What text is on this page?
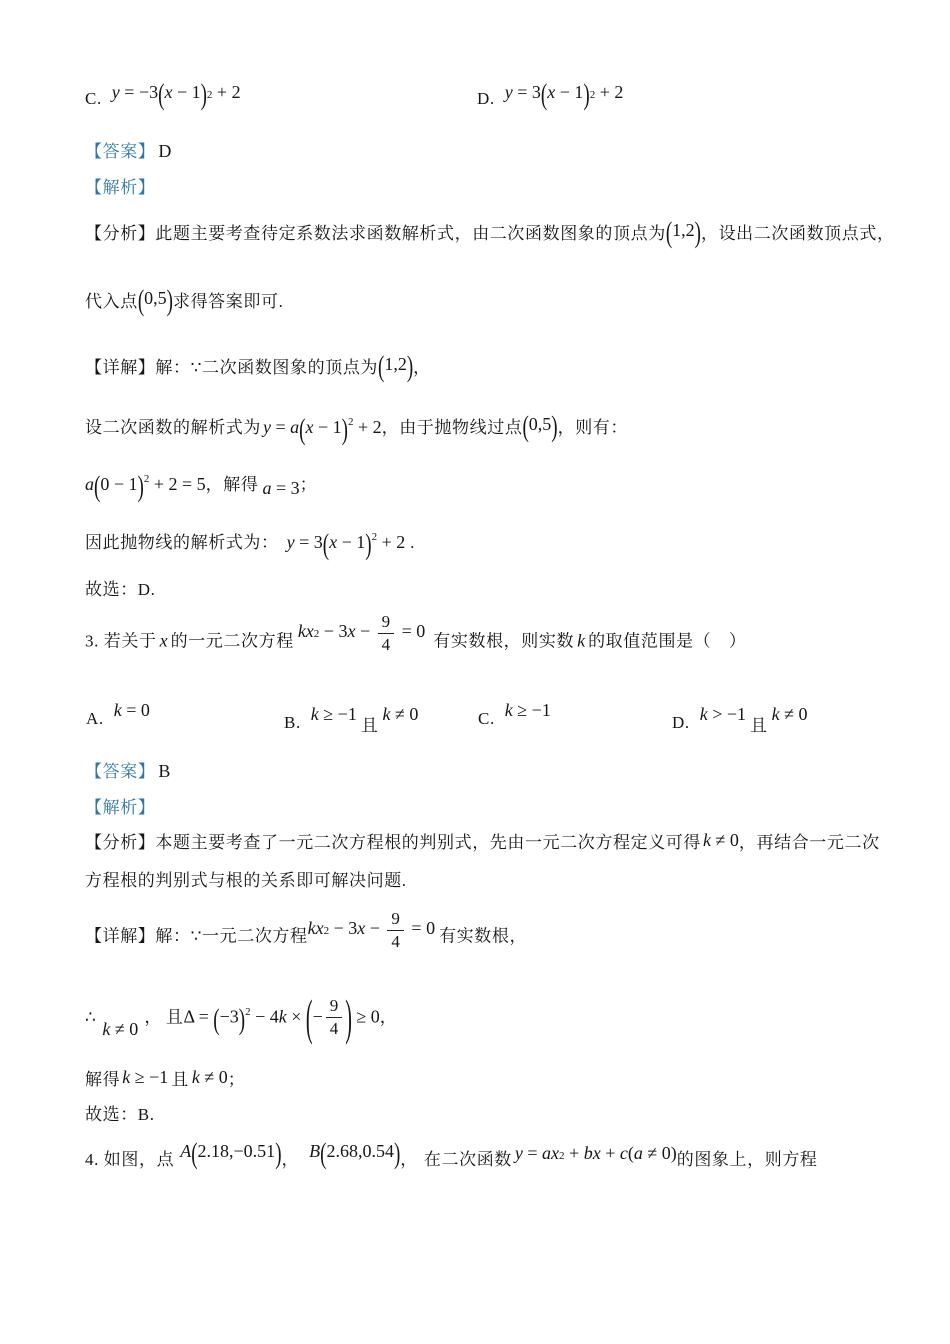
C. $y = -3(x - 1)^2 + 2$	D. $y = 3(x - 1)^2 + 2$
【答案】 D
【解析】
【分析】此题主要考查待定系数法求函数解析式，由二次函数图象的顶点为(1,2)，设出二次函数顶点式，
代入点(0,5)求得答案即可.
【详解】解：∵二次函数图象的顶点为(1,2)，
设二次函数的解析式为 $y = a(x - 1)^2 + 2$，由于抛物线过点(0,5)，则有：
$a(0 - 1)^2 + 2 = 5$，解得 a = 3；
因此抛物线的解析式为： $y = 3(x - 1)^2 + 2$ .
故选：D.
3. 若关于 x 的一元二次方程$kx^2 - 3x - \frac{9}{4} = 0$有实数根，则实数 k 的取值范围是（　）
A. k = 0
B. k ≥ −1且k ≠ 0	C. k ≥ −1
D. k > −1且k ≠ 0
【答案】 B
【解析】
【分析】本题主要考查了一元二次方程根的判别式，先由一元二次方程定义可得 k ≠ 0，再结合一元二次
方程根的判别式与根的关系即可解决问题.
【详解】解：∵一元二次方程$kx^2 - 3x - \frac{9}{4} = 0$ 有实数根，
∴k ≠ 0， 且$\Delta = (-3)^2 - 4k$ × (− $\frac{9}{4}$ ) ≥ 0，
解得 k ≥ −1 且 k ≠ 0；
故选：B.
4. 如图，点 A(2.18,−0.51)， B(2.68,0.54)， 在二次函数 $y = ax^2$ + bx + c(a ≠ 0)的图象上，则方程
